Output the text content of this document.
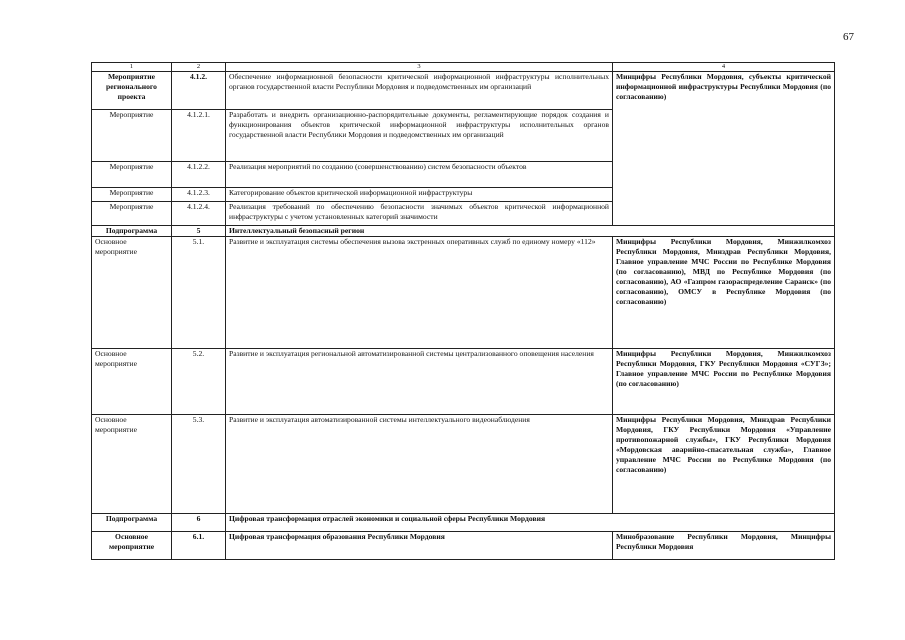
67
1	2	3	4
Мероприятие регионального проекта	4.1.2.	Обеспечение информационной безопасности критической информационной инфраструктуры исполнительных органов государственной власти Республики Мордовия и подведомственных им организаций	Минцифры Республики Мордовия, субъекты критической информационной инфраструктуры Республики Мордовия (по согласованию)
Мероприятие	4.1.2.1.	Разработать и внедрить организационно-распорядительные документы, регламентирующие порядок создания и функционирования объектов критической информационной инфраструктуры исполнительных органов государственной власти Республики Мордовия и подведомственных им организаций	
Мероприятие	4.1.2.2.	Реализация мероприятий по созданию (совершенствованию) систем безопасности объектов	
Мероприятие	4.1.2.3.	Категорирование объектов критической информационной инфраструктуры	
Мероприятие	4.1.2.4.	Реализация требований по обеспечению безопасности значимых объектов критической информационной инфраструктуры с учетом установленных категорий значимости	
Подпрограмма	5	Интеллектуальный безопасный регион	
Основное мероприятие	5.1.	Развитие и эксплуатация системы обеспечения вызова экстренных оперативных служб по единому номеру «112»	Минцифры Республики Мордовия, Минжилкомхоз Республики Мордовия, Минздрав Республики Мордовия, Главное управление МЧС России по Республике Мордовия (по согласованию), МВД по Республике Мордовия (по согласованию), АО «Газпром газораспределение Саранск» (по согласованию), ОМСУ в Республике Мордовия (по согласованию)
Основное мероприятие	5.2.	Развитие и эксплуатация региональной автоматизированной системы централизованного оповещения населения	Минцифры Республики Мордовия, Минжилкомхоз Республики Мордовия, ГКУ Республики Мордовия «СУГЗ»; Главное управление МЧС России по Республике Мордовия (по согласованию)
Основное мероприятие	5.3.	Развитие и эксплуатация автоматизированной системы интеллектуального видеонаблюдения	Минцифры Республики Мордовия, Минздрав Республики Мордовия, ГКУ Республики Мордовия «Управление противопожарной службы», ГКУ Республики Мордовия «Мордовская аварийно-спасательная служба», Главное управление МЧС России по Республике Мордовия (по согласованию)
Подпрограмма	6	Цифровая трансформация отраслей экономики и социальной сферы Республики Мордовия	
Основное мероприятие	6.1.	Цифровая трансформация образования Республики Мордовия	Минобразование Республики Мордовия, Минцифры Республики Мордовия
